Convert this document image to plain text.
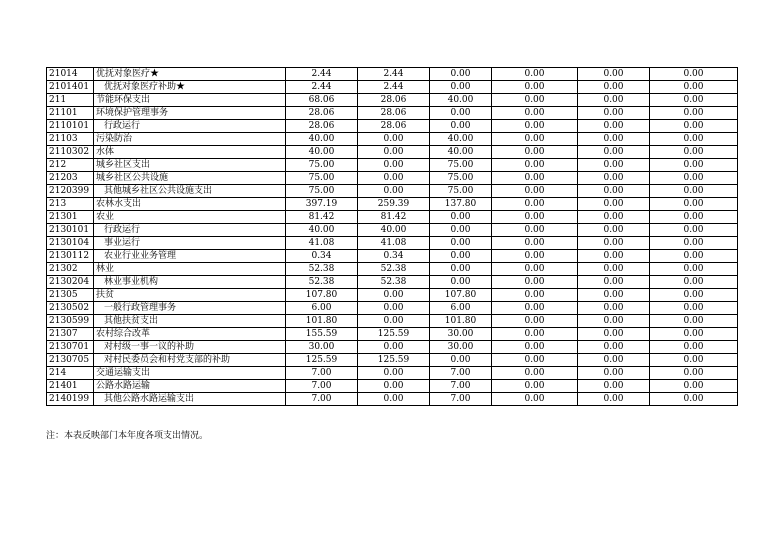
21014	优抚对象医疗★	2.44	2.44	0.00	0.00	0.00	0.00
2101401	优抚对象医疗补助★	2.44	2.44	0.00	0.00	0.00	0.00
211	节能环保支出	68.06	28.06	40.00	0.00	0.00	0.00
21101	环境保护管理事务	28.06	28.06	0.00	0.00	0.00	0.00
2110101	行政运行	28.06	28.06	0.00	0.00	0.00	0.00
21103	污染防治	40.00	0.00	40.00	0.00	0.00	0.00
2110302	水体	40.00	0.00	40.00	0.00	0.00	0.00
212	城乡社区支出	75.00	0.00	75.00	0.00	0.00	0.00
21203	城乡社区公共设施	75.00	0.00	75.00	0.00	0.00	0.00
2120399	其他城乡社区公共设施支出	75.00	0.00	75.00	0.00	0.00	0.00
213	农林水支出	397.19	259.39	137.80	0.00	0.00	0.00
21301	农业	81.42	81.42	0.00	0.00	0.00	0.00
2130101	行政运行	40.00	40.00	0.00	0.00	0.00	0.00
2130104	事业运行	41.08	41.08	0.00	0.00	0.00	0.00
2130112	农业行业业务管理	0.34	0.34	0.00	0.00	0.00	0.00
21302	林业	52.38	52.38	0.00	0.00	0.00	0.00
2130204	林业事业机构	52.38	52.38	0.00	0.00	0.00	0.00
21305	扶贫	107.80	0.00	107.80	0.00	0.00	0.00
2130502	一般行政管理事务	6.00	0.00	6.00	0.00	0.00	0.00
2130599	其他扶贫支出	101.80	0.00	101.80	0.00	0.00	0.00
21307	农村综合改革	155.59	125.59	30.00	0.00	0.00	0.00
2130701	对村级一事一议的补助	30.00	0.00	30.00	0.00	0.00	0.00
2130705	对村民委员会和村党支部的补助	125.59	125.59	0.00	0.00	0.00	0.00
214	交通运输支出	7.00	0.00	7.00	0.00	0.00	0.00
21401	公路水路运输	7.00	0.00	7.00	0.00	0.00	0.00
2140199	其他公路水路运输支出	7.00	0.00	7.00	0.00	0.00	0.00
注：本表反映部门本年度各项支出情况。
